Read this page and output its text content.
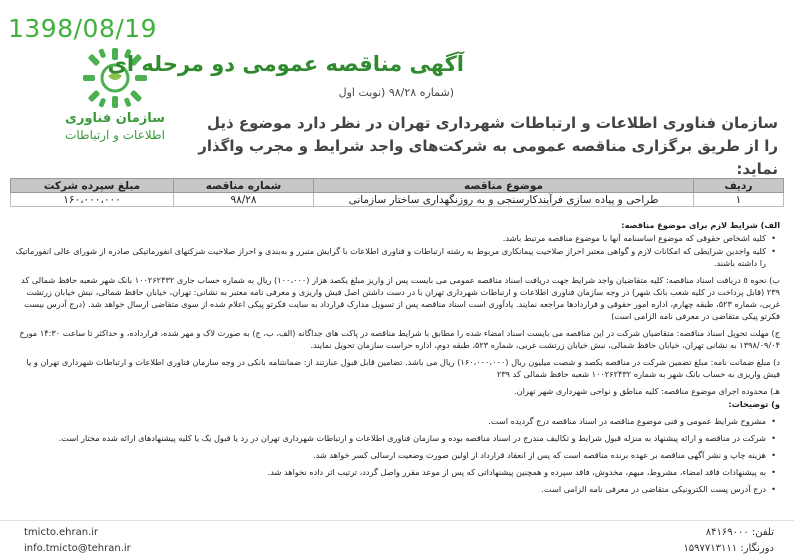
1398/08/19
سازمان فناوری
اطلاعات و ارتباطات
آگهی مناقصه عمومی دو مرحله ای
(شماره ۹۸/۲۸ (نوبت اول
سازمان فناوری اطلاعات و ارتباطات شهرداری تهران در نظر دارد موضوع ذیل را از طریق برگزاری مناقصه عمومی به شرکت‌های واجد شرایط و مجرب واگذار نماید:
ردیف	موضوع مناقصه	شماره مناقصه	مبلغ سپرده شرکت
۱	طراحی و پیاده سازی فرآیندکارسنجی و به روزنگهداری ساختار سازمانی	۹۸/۲۸	۱۶۰،۰۰۰،۰۰۰
الف) شرایط لازم برای موضوع مناقصه:
• کلیه اشخاص حقوقی که موضوع اساسنامه آنها با موضوع مناقصه مرتبط باشد.
• کلیه واجدین شرایطی که امکانات لازم و گواهی معتبر احراز صلاحیت پیمانکاری مربوط به رشته ارتباطات و فناوری اطلاعات با گرایش متبرر و به‌بندی و احراز صلاحیت شرکتهای انفورماتیکی صادره از شورای عالی انفورماتیک را داشته باشند.
ب) نحوه ٥ دریافت اسناد مناقصه: کلیه متقاضیان واجد شرایط جهت دریافت اسناد مناقصه عمومی می بایست پس از واریز مبلغ یکصد هزار (۱۰۰،۰۰۰) ریال به شماره حساب جاری ۱۰۰۲۶۲۴۳۲ بانک شهر شعبه حافظ شمالی کد ۲۳۹ (قابل پرداخت در کلیه شعب بانک شهر) در وجه سازمان فناوری اطلاعات و ارتباطات شهرداری تهران با در دست داشتن اصل فیش واریزی و معرفی نامه معتبر به نشانی: تهران، خیابان حافظ شمالی، نبش خیابان زرتشت غربی، شماره ۵۲۳، طبقه چهارم، اداره امور حقوقی و قراردادها مراجعه نمایند. یادآوری است اسناد مناقصه پس از تسویل مدارک قرارداد به سایت فکرتو پیکی اعلام شده از سوی متقاضی ارسال خواهد شد. (درج آدرس بیست فکرتو پیکی متقاضی در معرفی نامه الزامی است)
ج) مهلت تحویل اسناد مناقصه: متقاضیان شرکت در این مناقصه می بایست اسناد امضاء شده را مطابق با شرایط مناقصه در پاکت های جداگانه (الف، ب، ج) به صورت لاک و مهر شده، فرارداده، و حداکثر تا ساعت ۱۴:۳۰ مورخ ۱۳۹۸/۰۹/۰۴ به نشانی تهران، خیابان حافظ شمالی، نبش خیابان زرتشت غربی، شماره ۵۲۳، طبقه دوم، اداره حراست سازمان تحویل نمایند.
د) مبلغ ضمانت نامه: مبلغ تضمین شرکت در مناقصه یکصد و شصت میلیون ریال (۱۶۰،۰۰۰،۰۰۰) ریال می باشد. تضامین قابل قبول عبارتند از: ضمانتنامه بانکی در وجه سازمان فناوری اطلاعات و ارتباطات شهرداری تهران و یا فیش واریزی به حساب بانک شهر به شماره ۱۰۰۲۶۲۴۳۲ شعبه حافظ شمالی کد ۲۳۹
هـ) محدوده اجرای موضوع مناقصه: کلیه مناطق و نواحی شهرداری شهر تهران.
و) توضیحات:
• مشروح شرایط عمومی و فنی موضوع مناقصه در اسناد مناقصه درج گردیده است.
• شرکت در مناقصه و ارائه پیشنهاد به منزله قبول شرایط و تکالیف مندرج در اسناد مناقصه بوده و سازمان فناوری اطلاعات و ارتباطات شهرداری تهران در رد یا قبول یک یا کلیه پیشنهادهای ارائه شده مختار است.
• هزینه چاپ و نشر آگهی مناقصه بر عهده برنده مناقصه است که پس از انعقاد قرارداد از اولین صورت وضعیت ارسالی کسر خواهد شد.
• به پیشنهادات فاقد امضاء، مشروط، مبهم، مخدوش، فاقد سپرده و همچنین پیشنهاداتی که پس از موعد مقرر واصل گردد، ترتیب اثر داده نخواهد شد.
• درج آدرس پست الکترونیکی متقاضی در معرفی نامه الزامی است.
tmicto.ehran.ir
info.tmicto@tehran.ir
تلفن: ۸۴۱۶۹۰۰۰
دورنگار: ۱۵۹۷۷۱۳۱۱۱
